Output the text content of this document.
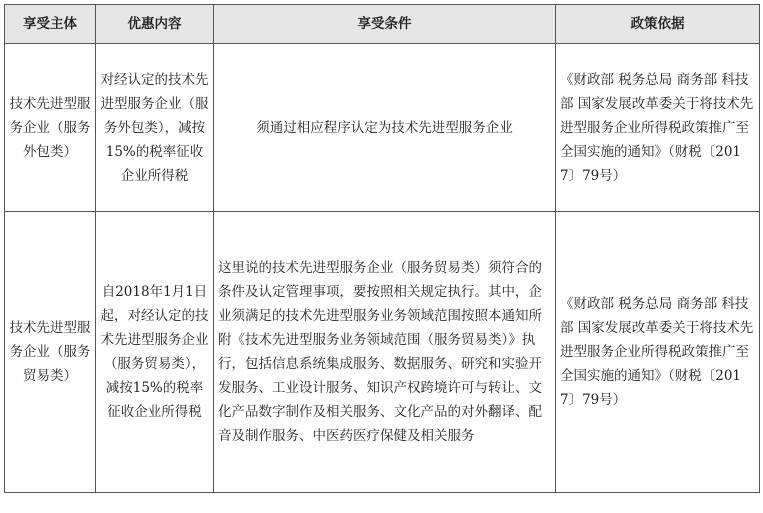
享受主体	优惠内容	享受条件	政策依据
技术先进型服务企业（服务外包类）	对经认定的技术先进型服务企业（服务外包类），减按15%的税率征收企业所得税	须通过相应程序认定为技术先进型服务企业	《财政部 税务总局 商务部 科技部 国家发展改革委关于将技术先进型服务企业所得税政策推广至全国实施的通知》（财税〔2017〕79号）
技术先进型服务企业（服务贸易类）	自2018年1月1日起，对经认定的技术先进型服务企业（服务贸易类），减按15%的税率征收企业所得税	这里说的技术先进型服务企业（服务贸易类）须符合的条件及认定管理事项，要按照相关规定执行。其中，企业须满足的技术先进型服务业务领域范围按照本通知所附《技术先进型服务业务领域范围（服务贸易类）》执行，包括信息系统集成服务、数据服务、研究和实验开发服务、工业设计服务、知识产权跨境许可与转让、文化产品数字制作及相关服务、文化产品的对外翻译、配音及制作服务、中医药医疗保健及相关服务	《财政部 税务总局 商务部 科技部 国家发展改革委关于将技术先进型服务企业所得税政策推广至全国实施的通知》（财税〔2017〕79号）
